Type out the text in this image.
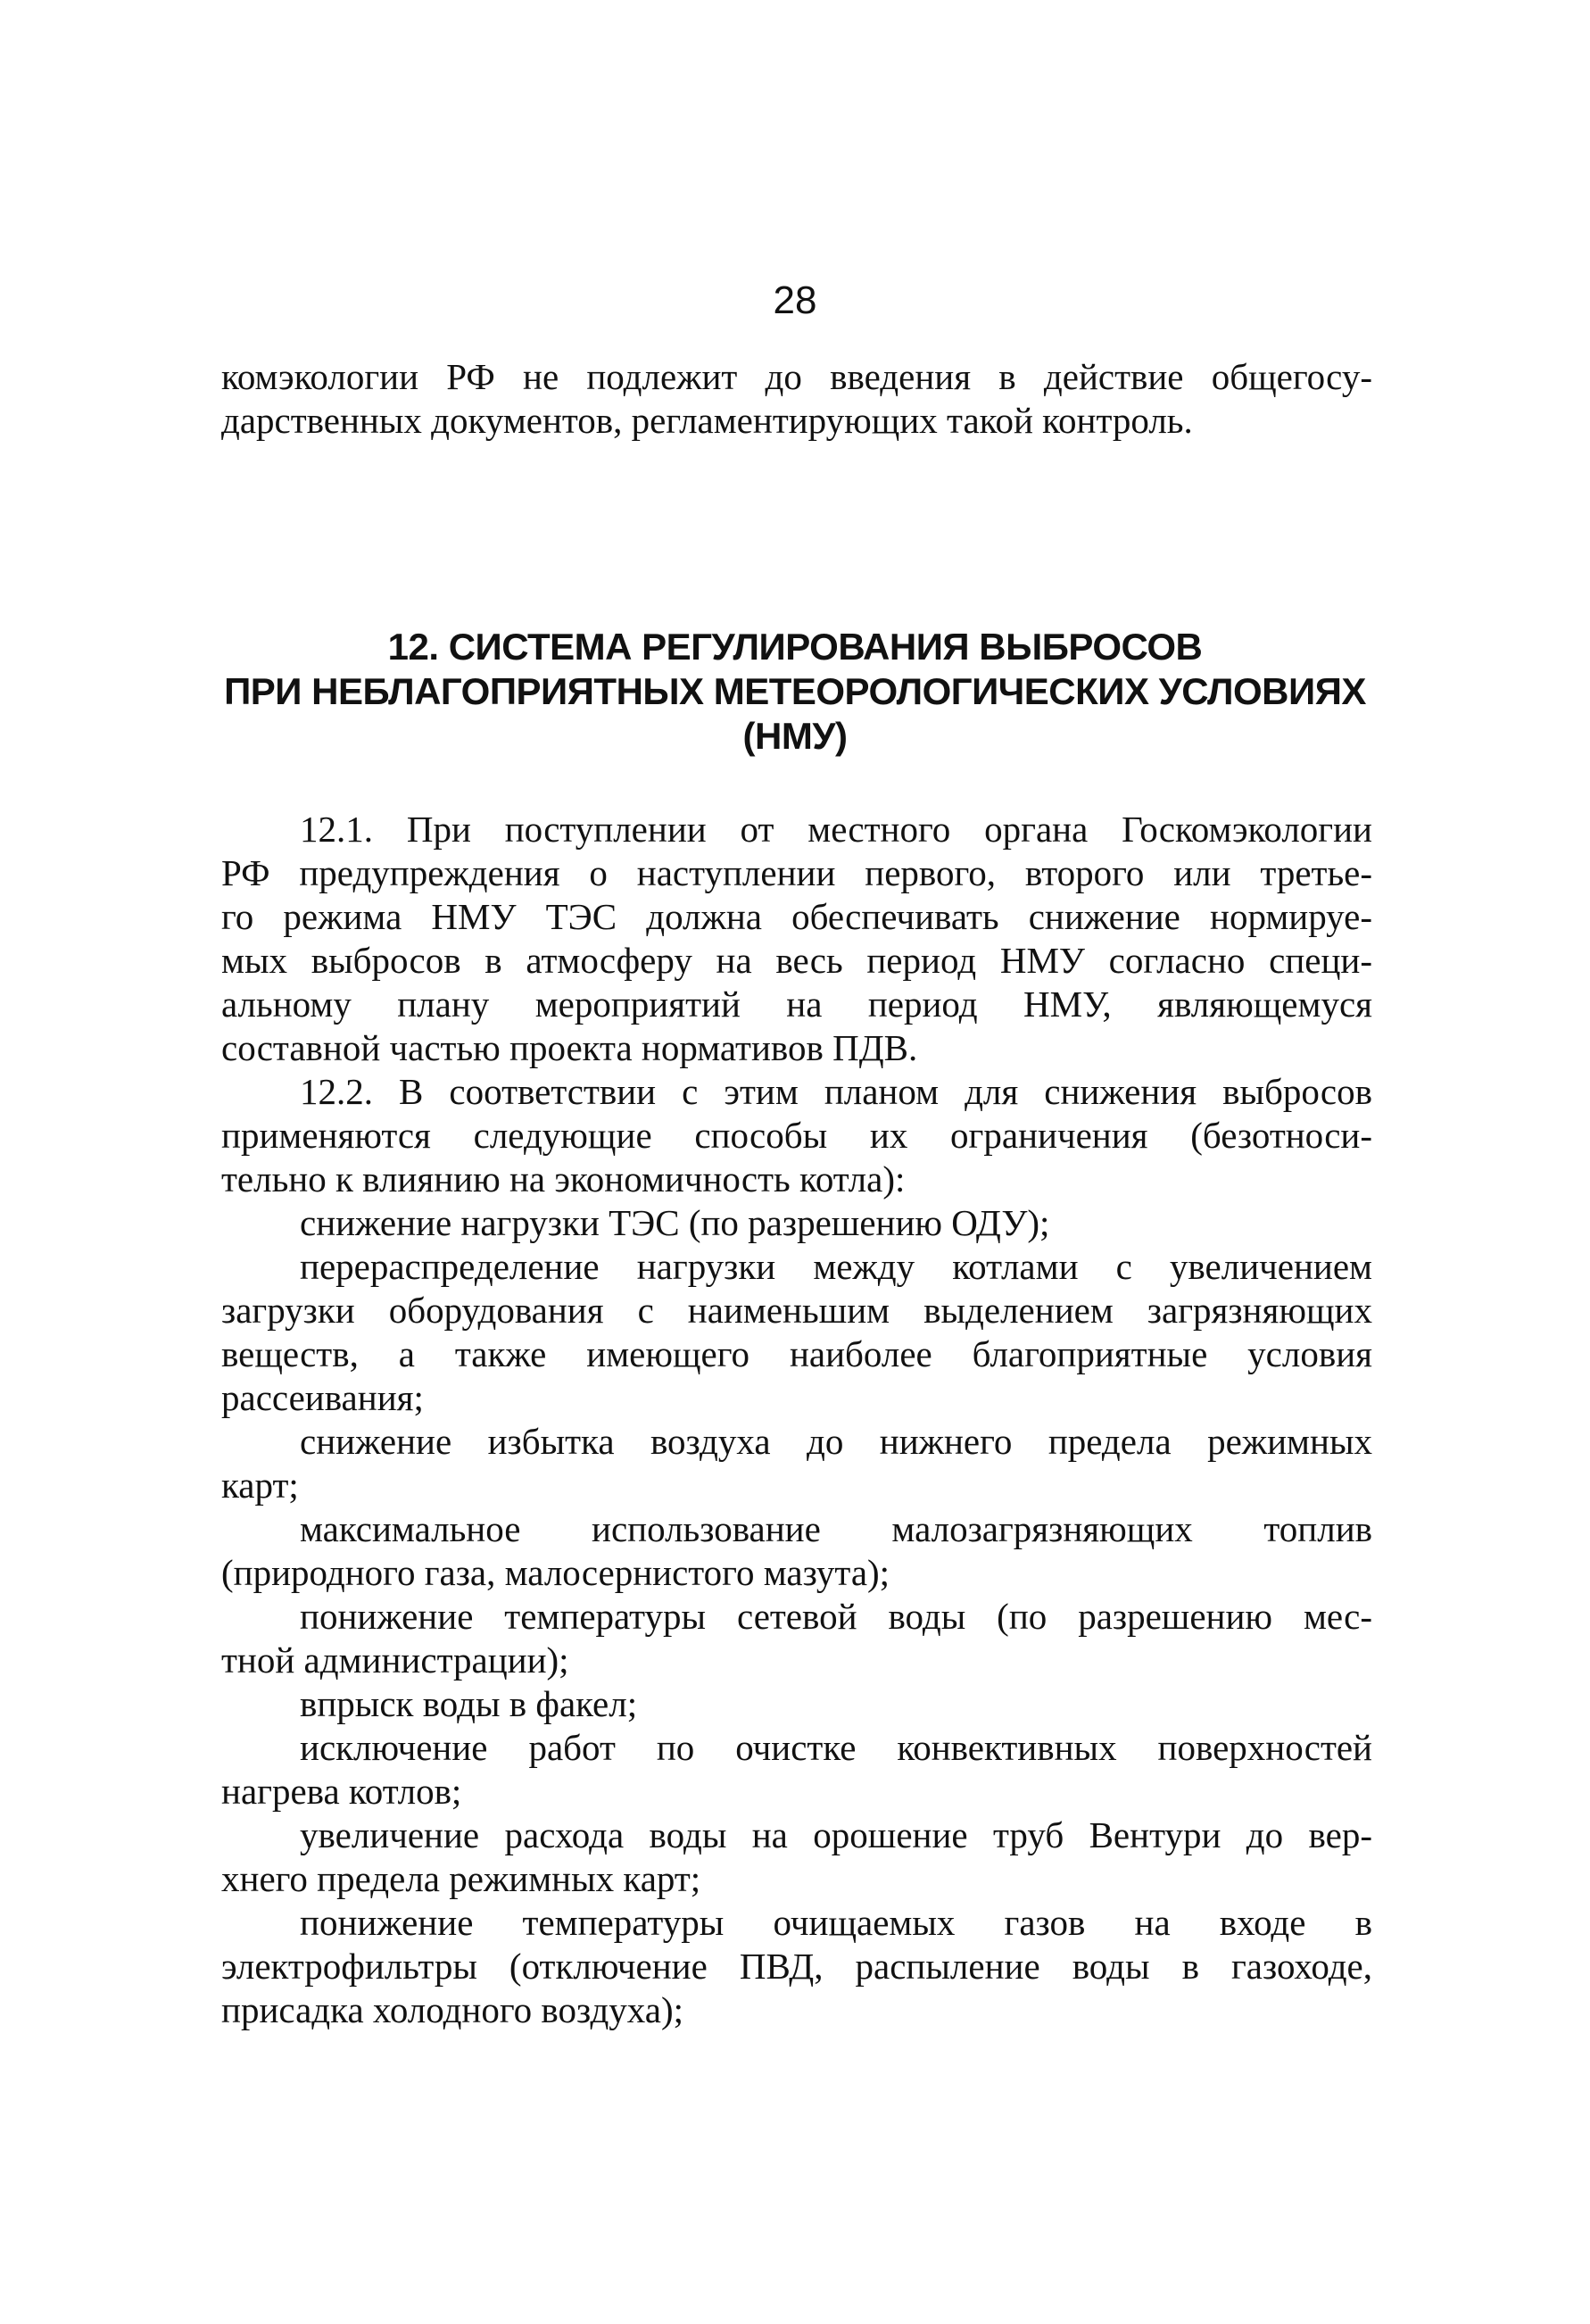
28
комэкологии РФ не подлежит до введения в действие общегосу-
дарственных документов, регламентирующих такой контроль.
12. СИСТЕМА РЕГУЛИРОВАНИЯ ВЫБРОСОВ
ПРИ НЕБЛАГОПРИЯТНЫХ МЕТЕОРОЛОГИЧЕСКИХ УСЛОВИЯХ
(НМУ)
12.1. При поступлении от местного органа Госкомэкологии
РФ предупреждения о наступлении первого, второго или третье-
го режима НМУ ТЭС должна обеспечивать снижение нормируе-
мых выбросов в атмосферу на весь период НМУ согласно специ-
альному плану мероприятий на период НМУ, являющемуся
составной частью проекта нормативов ПДВ.
12.2. В соответствии с этим планом для снижения выбросов
применяются следующие способы их ограничения (безотноси-
тельно к влиянию на экономичность котла):
снижение нагрузки ТЭС (по разрешению ОДУ);
перераспределение нагрузки между котлами с увеличением
загрузки оборудования с наименьшим выделением загрязняющих
веществ, а также имеющего наиболее благоприятные условия
рассеивания;
снижение избытка воздуха до нижнего предела режимных
карт;
максимальное использование малозагрязняющих топлив
(природного газа, малосернистого мазута);
понижение температуры сетевой воды (по разрешению мес-
тной администрации);
впрыск воды в факел;
исключение работ по очистке конвективных поверхностей
нагрева котлов;
увеличение расхода воды на орошение труб Вентури до вер-
хнего предела режимных карт;
понижение температуры очищаемых газов на входе в
электрофильтры (отключение ПВД, распыление воды в газоходе,
присадка холодного воздуха);
